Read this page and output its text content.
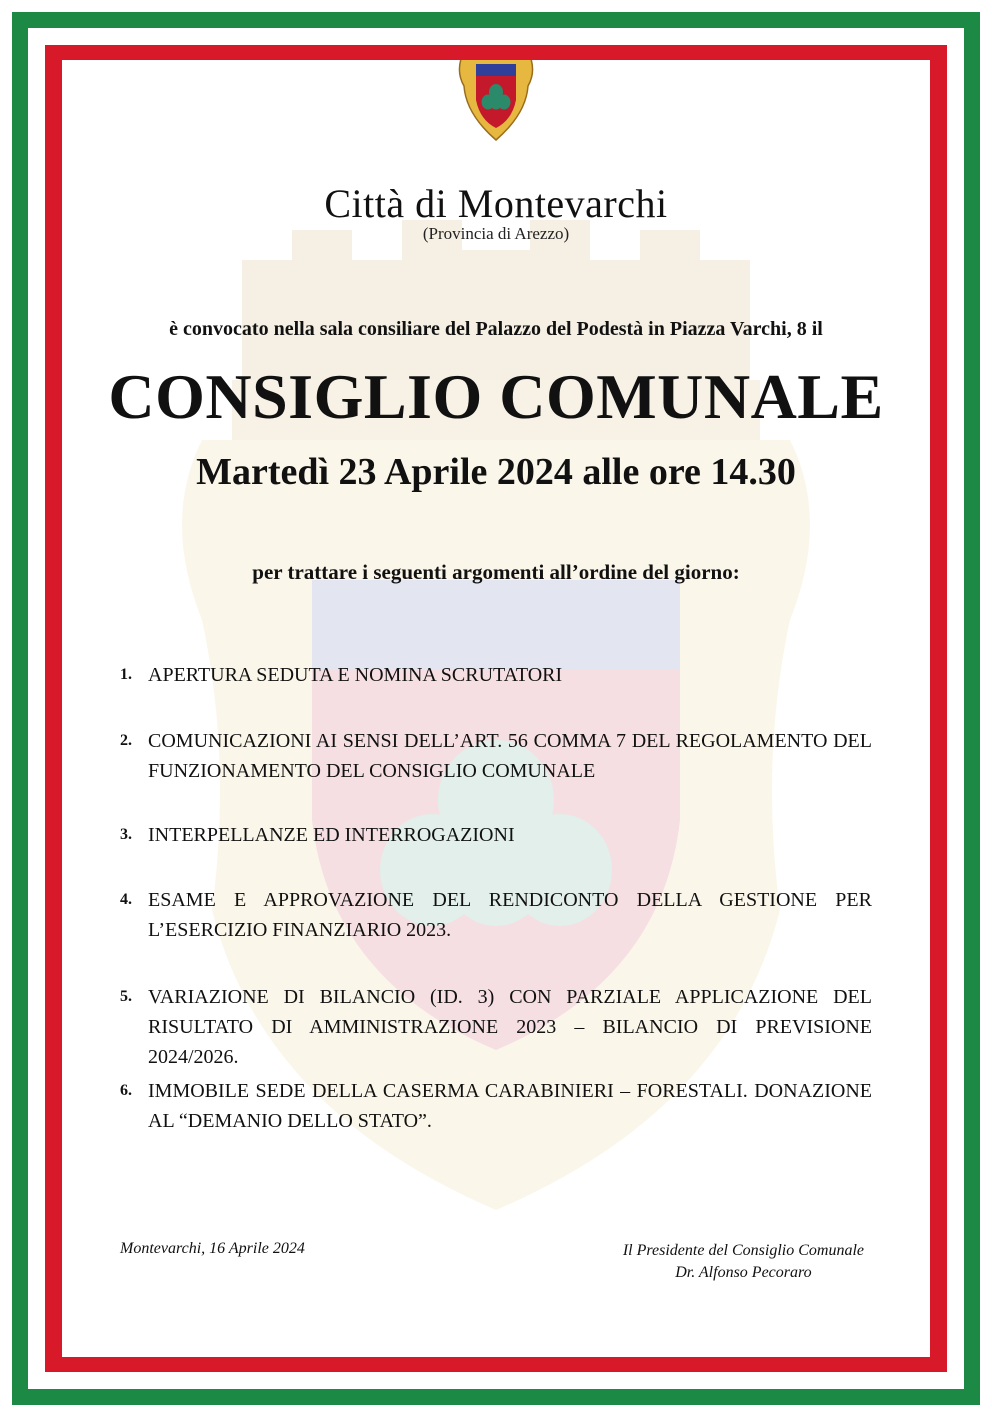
Città di Montevarchi
(Provincia di Arezzo)
è convocato nella sala consiliare del Palazzo del Podestà in Piazza Varchi, 8 il
CONSIGLIO COMUNALE
Martedì 23 Aprile 2024 alle ore 14.30
per trattare i seguenti argomenti all’ordine del giorno:
1. APERTURA SEDUTA E NOMINA SCRUTATORI
2. COMUNICAZIONI AI SENSI DELL’ART. 56 COMMA 7 DEL REGOLAMENTO DEL FUNZIONAMENTO DEL CONSIGLIO COMUNALE
3. INTERPELLANZE ED INTERROGAZIONI
4. ESAME E APPROVAZIONE DEL RENDICONTO DELLA GESTIONE PER L’ESERCIZIO FINANZIARIO 2023.
5. VARIAZIONE DI BILANCIO (ID. 3) CON PARZIALE APPLICAZIONE DEL RISULTATO DI AMMINISTRAZIONE 2023 – BILANCIO DI PREVISIONE 2024/2026.
6. IMMOBILE SEDE DELLA CASERMA CARABINIERI – FORESTALI. DONAZIONE AL “DEMANIO DELLO STATO”.
Montevarchi, 16 Aprile 2024	Il Presidente del Consiglio Comunale
Dr. Alfonso Pecoraro
